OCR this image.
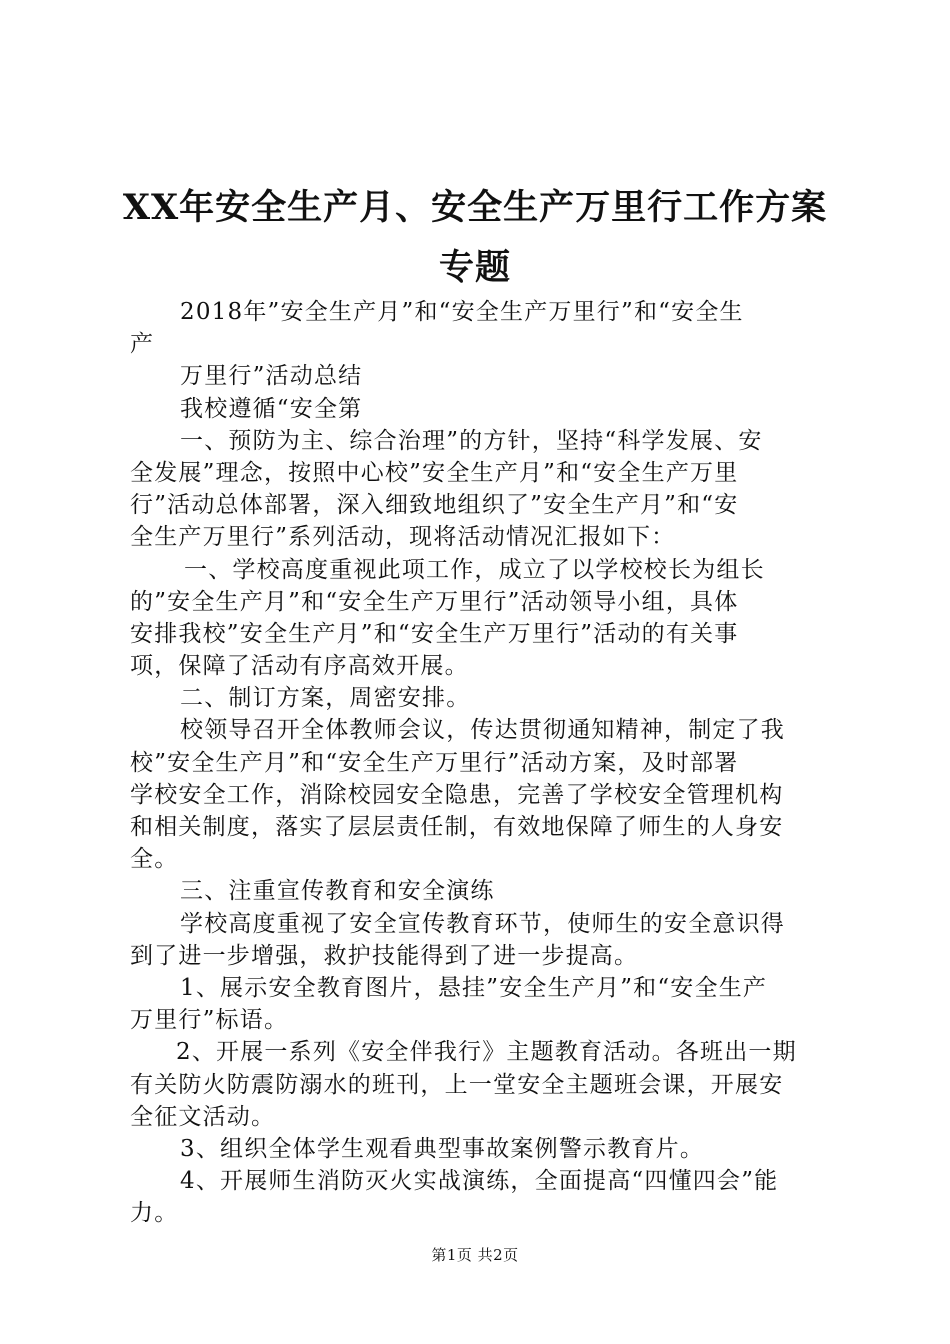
XX年安全生产月、安全生产万里行工作方案
专题
2018年”安全生产月”和“安全生产万里行”和“安全生
产
万里行”活动总结
我校遵循“安全第
一、预防为主、综合治理”的方针，坚持“科学发展、安
全发展”理念，按照中心校”安全生产月”和“安全生产万里
行”活动总体部署，深入细致地组织了”安全生产月”和“安
全生产万里行”系列活动，现将活动情况汇报如下：
一、学校高度重视此项工作，成立了以学校校长为组长
的”安全生产月”和“安全生产万里行”活动领导小组，具体
安排我校”安全生产月”和“安全生产万里行”活动的有关事
项，保障了活动有序高效开展。
二、制订方案，周密安排。
校领导召开全体教师会议，传达贯彻通知精神，制定了我
校”安全生产月”和“安全生产万里行”活动方案，及时部署
学校安全工作，消除校园安全隐患，完善了学校安全管理机构
和相关制度，落实了层层责任制，有效地保障了师生的人身安
全。
三、注重宣传教育和安全演练
学校高度重视了安全宣传教育环节，使师生的安全意识得
到了进一步增强，救护技能得到了进一步提高。
1、展示安全教育图片，悬挂”安全生产月”和“安全生产
万里行”标语。
2、开展一系列《安全伴我行》主题教育活动。各班出一期
有关防火防震防溺水的班刊，上一堂安全主题班会课，开展安
全征文活动。
3、组织全体学生观看典型事故案例警示教育片。
4、开展师生消防灭火实战演练，全面提高“四懂四会”能
力。
第1页 共2页
